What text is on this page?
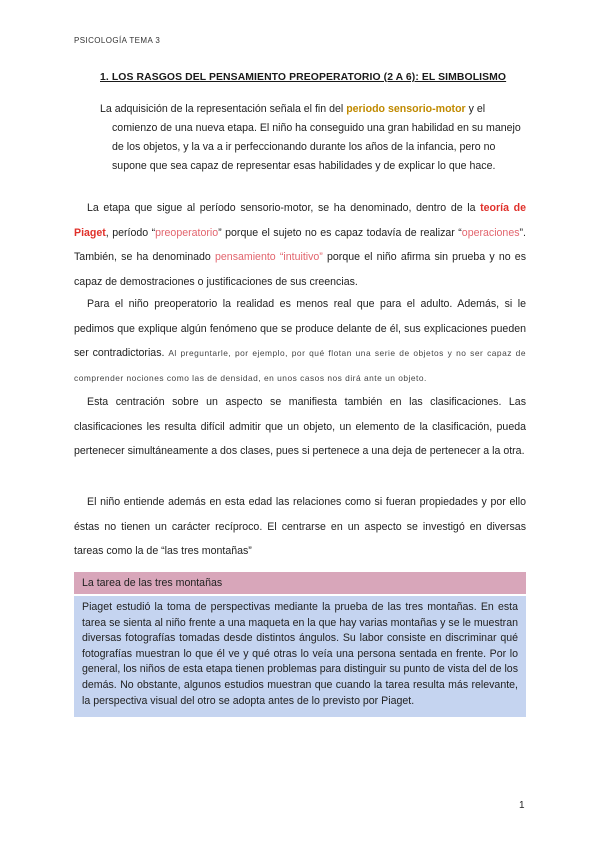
PSICOLOGÍA TEMA 3
1. LOS RASGOS DEL PENSAMIENTO PREOPERATORIO (2 A 6): EL SIMBOLISMO
La adquisición de la representación señala el fin del periodo sensorio-motor y el
comienzo de una nueva etapa. El niño ha conseguido una gran habilidad en su manejo de los objetos, y la va a ir perfeccionando durante los años de la infancia, pero no supone que sea capaz de representar esas habilidades y de explicar lo que hace.
La etapa que sigue al período sensorio-motor, se ha denominado, dentro de la teoría de Piaget, período “preoperatorio” porque el sujeto no es capaz todavía de realizar “operaciones”. También, se ha denominado pensamiento “intuitivo” porque el niño afirma sin prueba y no es capaz de demostraciones o justificaciones de sus creencias.
Para el niño preoperatorio la realidad es menos real que para el adulto. Además, si le pedimos que explique algún fenómeno que se produce delante de él, sus explicaciones pueden ser contradictorias. Al preguntarle, por ejemplo, por qué flotan una serie de objetos y no ser capaz de comprender nociones como las de densidad, en unos casos nos dirá ante un objeto.
Esta centración sobre un aspecto se manifiesta también en las clasificaciones. Las clasificaciones les resulta difícil admitir que un objeto, un elemento de la clasificación, pueda pertenecer simultáneamente a dos clases, pues si pertenece a una deja de pertenecer a la otra.
El niño entiende además en esta edad las relaciones como si fueran propiedades y por ello éstas no tienen un carácter recíproco. El centrarse en un aspecto se investigó en diversas tareas como la de “las tres montañas”
La tarea de las tres montañas
Piaget estudió la toma de perspectivas mediante la prueba de las tres montañas. En esta tarea se sienta al niño frente a una maqueta en la que hay varias montañas y se le muestran diversas fotografías tomadas desde distintos ángulos. Su labor consiste en discriminar qué fotografías muestran lo que él ve y qué otras lo veía una persona sentada en frente. Por lo general, los niños de esta etapa tienen problemas para distinguir su punto de vista del de los demás. No obstante, algunos estudios muestran que cuando la tarea resulta más relevante, la perspectiva visual del otro se adopta antes de lo previsto por Piaget.
1
